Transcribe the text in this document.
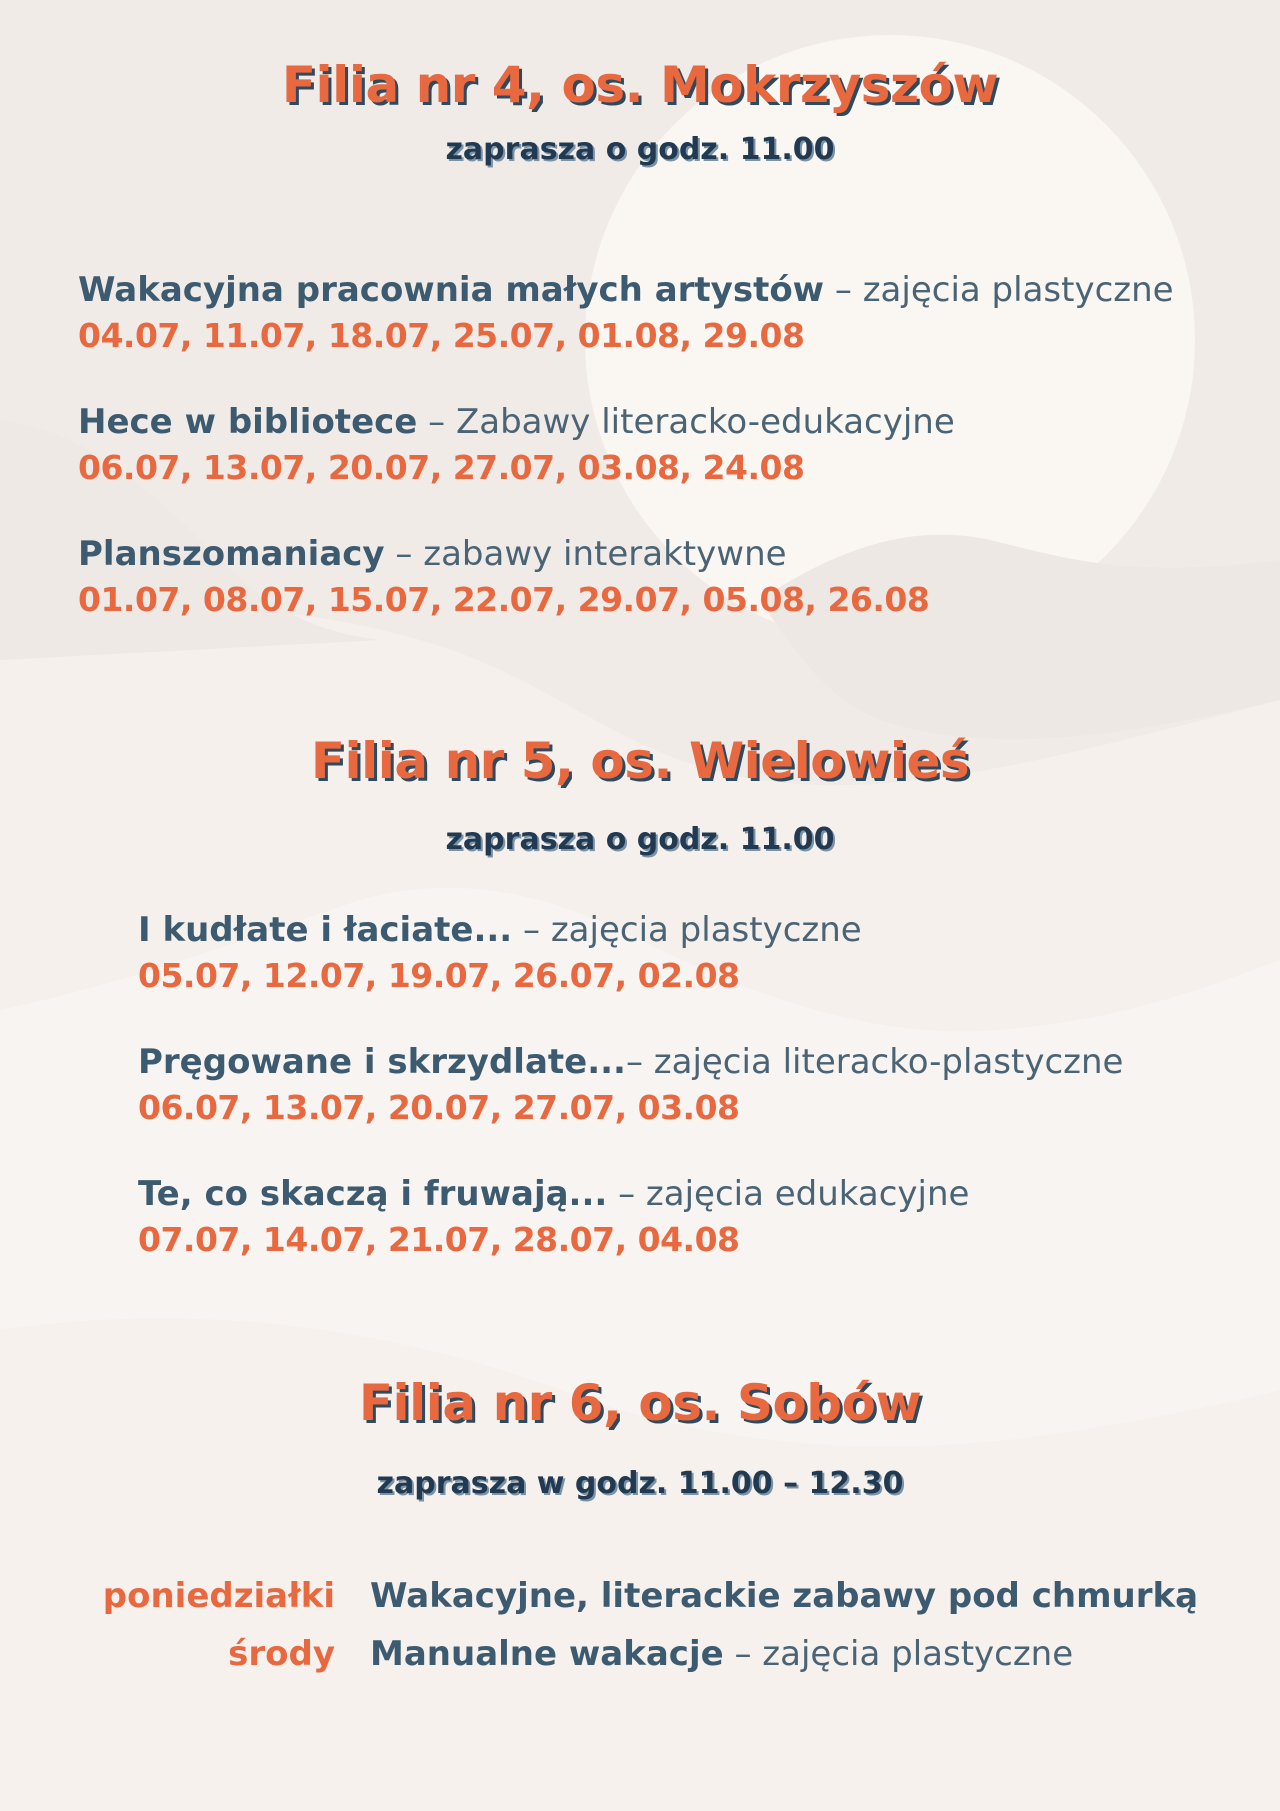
Filia nr 4, os. Mokrzyszów
zaprasza o godz. 11.00
Wakacyjna pracownia małych artystów – zajęcia plastyczne
04.07, 11.07, 18.07, 25.07, 01.08, 29.08
Hece w bibliotece – Zabawy literacko-edukacyjne
06.07, 13.07, 20.07, 27.07, 03.08, 24.08
Planszomaniacy – zabawy interaktywne
01.07, 08.07, 15.07, 22.07, 29.07, 05.08, 26.08
Filia nr 5, os. Wielowieś
zaprasza o godz. 11.00
I kudłate i łaciate... – zajęcia plastyczne
05.07, 12.07, 19.07, 26.07, 02.08
Pręgowane i skrzydlate...– zajęcia literacko-plastyczne
06.07, 13.07, 20.07, 27.07, 03.08
Te, co skaczą i fruwają... – zajęcia edukacyjne
07.07, 14.07, 21.07, 28.07, 04.08
Filia nr 6, os. Sobów
zaprasza w godz. 11.00 – 12.30
poniedziałki Wakacyjne, literackie zabawy pod chmurką
środy Manualne wakacje – zajęcia plastyczne
